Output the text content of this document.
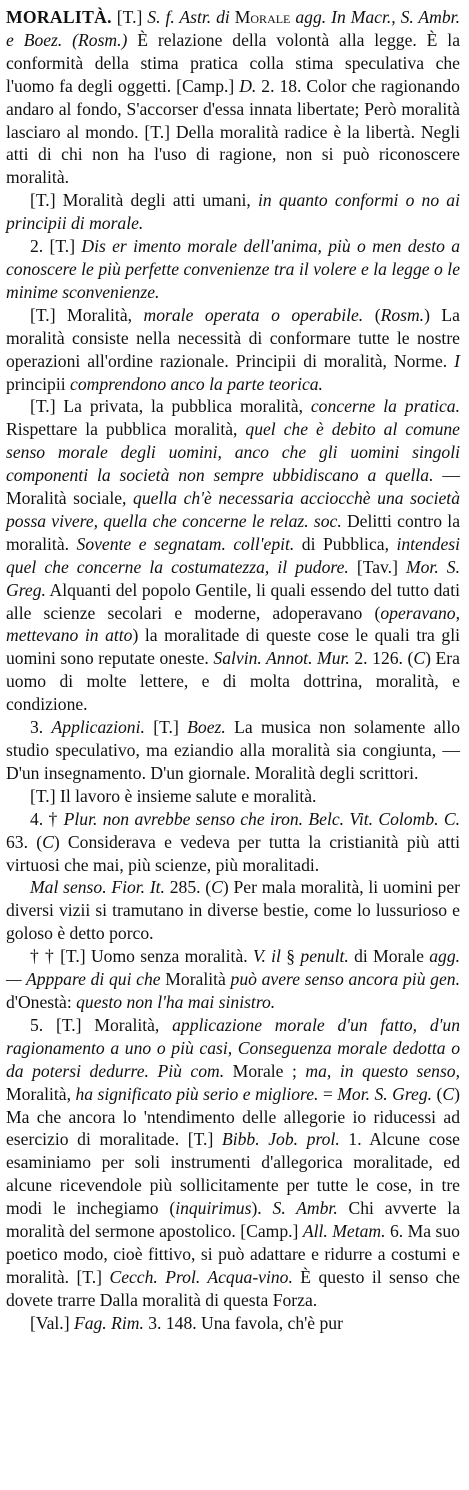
MORALITÀ. [T.] S. f. Astr. di Morale agg. In Macr., S. Ambr. e Boez. (Rosm.) È relazione della volontà alla legge. È la conformità della stima pratica colla stima speculativa che l'uomo fa degli oggetti. [Camp.] D. 2. 18. Color che ragionando andaro al fondo, S'accorser d'essa innata libertate; Però moralità lasciaro al mondo. [T.] Della moralità radice è la libertà. Negli atti di chi non ha l'uso di ragione, non si può riconoscere moralità.

[T.] Moralità degli atti umani, in quanto conformi o no ai principii di morale.

2. [T.] Dis er imento morale dell'anima, più o men desto a conoscere le più perfette convenienze tra il volere e la legge o le minime sconvenienze.

[T.] Moralità, morale operata o operabile. (Rosm.) La moralità consiste nella necessità di conformare tutte le nostre operazioni all'ordine razionale. Principii di moralità, Norme. I principii comprendono anco la parte teorica.

[T.] La privata, la pubblica moralità, concerne la pratica. Rispettare la pubblica moralità, quel che è debito al comune senso morale degli uomini, anco che gli uomini singoli componenti la società non sempre ubbidiscano a quella. — Moralità sociale, quella ch'è necessaria acciocchè una società possa vivere, quella che concerne le relaz. soc. Delitti contro la moralità. Sovente e segnatam. coll'epit. di Pubblica, intendesi quel che concerne la costumatezza, il pudore. [Tav.] Mor. S. Greg. Alquanti del popolo Gentile, li quali essendo del tutto dati alle scienze secolari e moderne, adoperavano (operavano, mettevano in atto) la moralitade di queste cose le quali tra gli uomini sono reputate oneste. Salvin. Annot. Mur. 2. 126. (C) Era uomo di molte lettere, e di molta dottrina, moralità, e condizione.

3. Applicazioni. [T.] Boez. La musica non solamente allo studio speculativo, ma eziandio alla moralità sia congiunta, — D'un insegnamento. D'un giornale. Moralità degli scrittori.

[T.] Il lavoro è insieme salute e moralità.

4. † Plur. non avrebbe senso che iron. Belc. Vit. Colomb. C. 63. (C) Considerava e vedeva per tutta la cristianità più atti virtuosi che mai, più scienze, più moralitadi.

Mal senso. Fior. It. 285. (C) Per mala moralità, li uomini per diversi vizii si tramutano in diverse bestie, come lo lussurioso e goloso è detto porco.

† † [T.] Uomo senza moralità. V. il § penult. di Morale agg. — Apppare di qui che Moralità può avere senso ancora più gen. d'Onestà: questo non l'ha mai sinistro.

5. [T.] Moralità, applicazione morale d'un fatto, d'un ragionamento a uno o più casi, Conseguenza morale dedotta o da potersi dedurre. Più com. Morale ; ma, in questo senso, Moralità, ha significato più serio e migliore. = Mor. S. Greg. (C) Ma che ancora lo 'ntendimento delle allegorie io riducessi ad esercizio di moralitade. [T.] Bibb. Job. prol. 1. Alcune cose esaminiamo per soli instrumenti d'allegorica moralitade, ed alcune ricevendole più sollicitamente per tutte le cose, in tre modi le inchegiamo (inquirimus). S. Ambr. Chi avverte la moralità del sermone apostolico. [Camp.] All. Metam. 6. Ma suo poetico modo, cioè fittivo, si può adattare e ridurre a costumi e moralità. [T.] Cecch. Prol. Acqua-vino. È questo il senso che dovete trarre Dalla moralità di questa Forza.

[Val.] Fag. Rim. 3. 148. Una favola, ch'è pur
